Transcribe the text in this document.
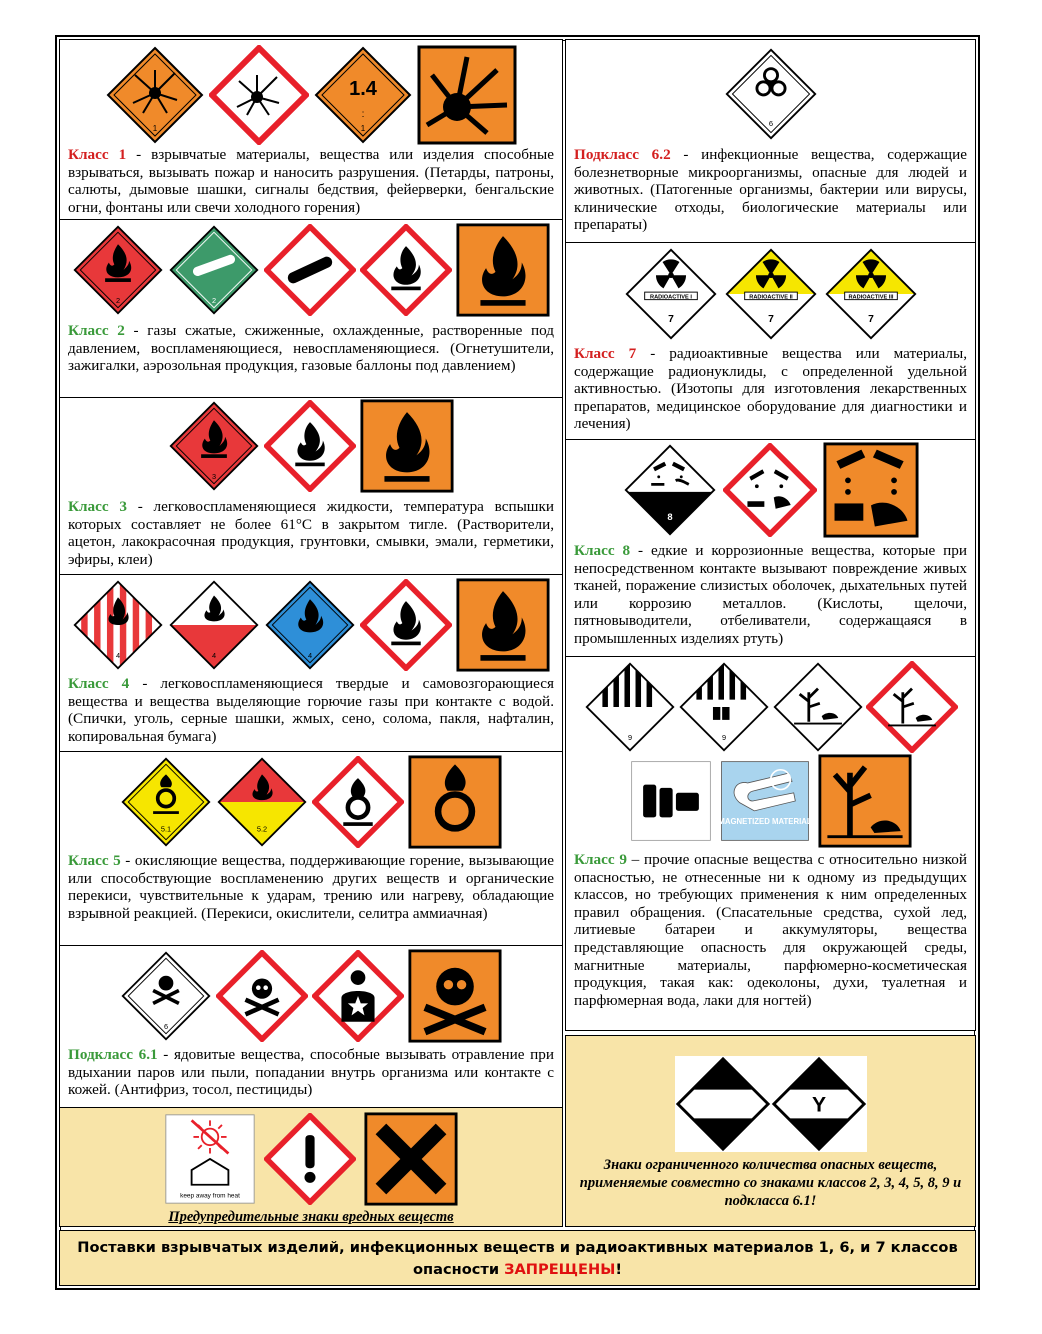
1
1.4
:
1
Класс 1 - взрывчатые материалы, вещества или изделия способные взрываться, вызывать пожар и наносить разрушения. (Петарды, патроны, салюты, дымовые шашки, сигналы бедствия, фейерверки, бенгальские огни, фонтаны или свечи холодного горения)
2	2
Класс 2 - газы сжатые, сжиженные, охлажденные, растворенные под давлением, воспламеняющиеся, невоспламеняющиеся. (Огнетушители, зажигалки, аэрозольная продукция, газовые баллоны под давлением)
3
Класс 3 - легковоспламеняющиеся жидкости, температура вспышки которых составляет не более 61°С в закрытом тигле. (Растворители, ацетон, лакокрасочная продукция, грунтовки, смывки, эмали, герметики, эфиры, клеи)
4	4	4
Класс 4 - легковоспламеняющиеся твердые и самовозгорающиеся вещества и вещества выделяющие горючие газы при контакте с водой. (Спички, уголь, серные шашки, жмых, сено, солома, пакля, нафталин, копировальная бумага)
5.1	5.2
Класс 5 - окисляющие вещества, поддерживающие горение, вызывающие или способствующие воспламенению других веществ и органические перекиси, чувствительные к ударам, трению или нагреву, обладающие взрывной реакцией. (Перекиси, окислители, селитра аммиачная)
6
Подкласс 6.1 - ядовитые вещества, способные вызывать отравление при вдыхании паров или пыли, попадании внутрь организма или контакте с кожей. (Антифриз, тосол, пестициды)
keep away from heat
Предупредительные знаки вредных веществ
6
Подкласс 6.2 - инфекционные вещества, содержащие болезнетворные микроорганизмы, опасные для людей и животных. (Патогенные организмы, бактерии или вирусы, клинические отходы, биологические материалы или препараты)
RADIOACTIVE I
7
RADIOACTIVE II
7
RADIOACTIVE III
7
Класс 7 - радиоактивные вещества или материалы, содержащие радионуклиды, с определенной удельной активностью. (Изотопы для изготовления лекарственных препаратов, медицинское оборудование для диагностики и лечения)
8
Класс 8 - едкие и коррозионные вещества, которые при непосредственном контакте вызывают повреждение живых тканей, поражение слизистых оболочек, дыхательных путей или коррозию металлов. (Кислоты, щелочи, пятновыводители, отбеливатели, содержащаяся в промышленных изделиях ртуть)
9	9
MAGNETIZED MATERIAL
Класс 9 – прочие опасные вещества с относительно низкой опасностью, не отнесенные ни к одному из предыдущих классов, но требующих применения к ним определенных правил обращения. (Спасательные средства, сухой лед, литиевые батареи и аккумуляторы, вещества представляющие опасность для окружающей среды, магнитные материалы, парфюмерно-косметическая продукция, такая как: одеколоны, духи, туалетная и парфюмерная вода, лаки для ногтей)
Y
Знаки ограниченного количества опасных веществ, применяемые совместно со знаками классов 2, 3, 4, 5, 8, 9 и подкласса 6.1!
Поставки взрывчатых изделий, инфекционных веществ и радиоактивных материалов 1, 6, и 7 классов опасности ЗАПРЕЩЕНЫ!
